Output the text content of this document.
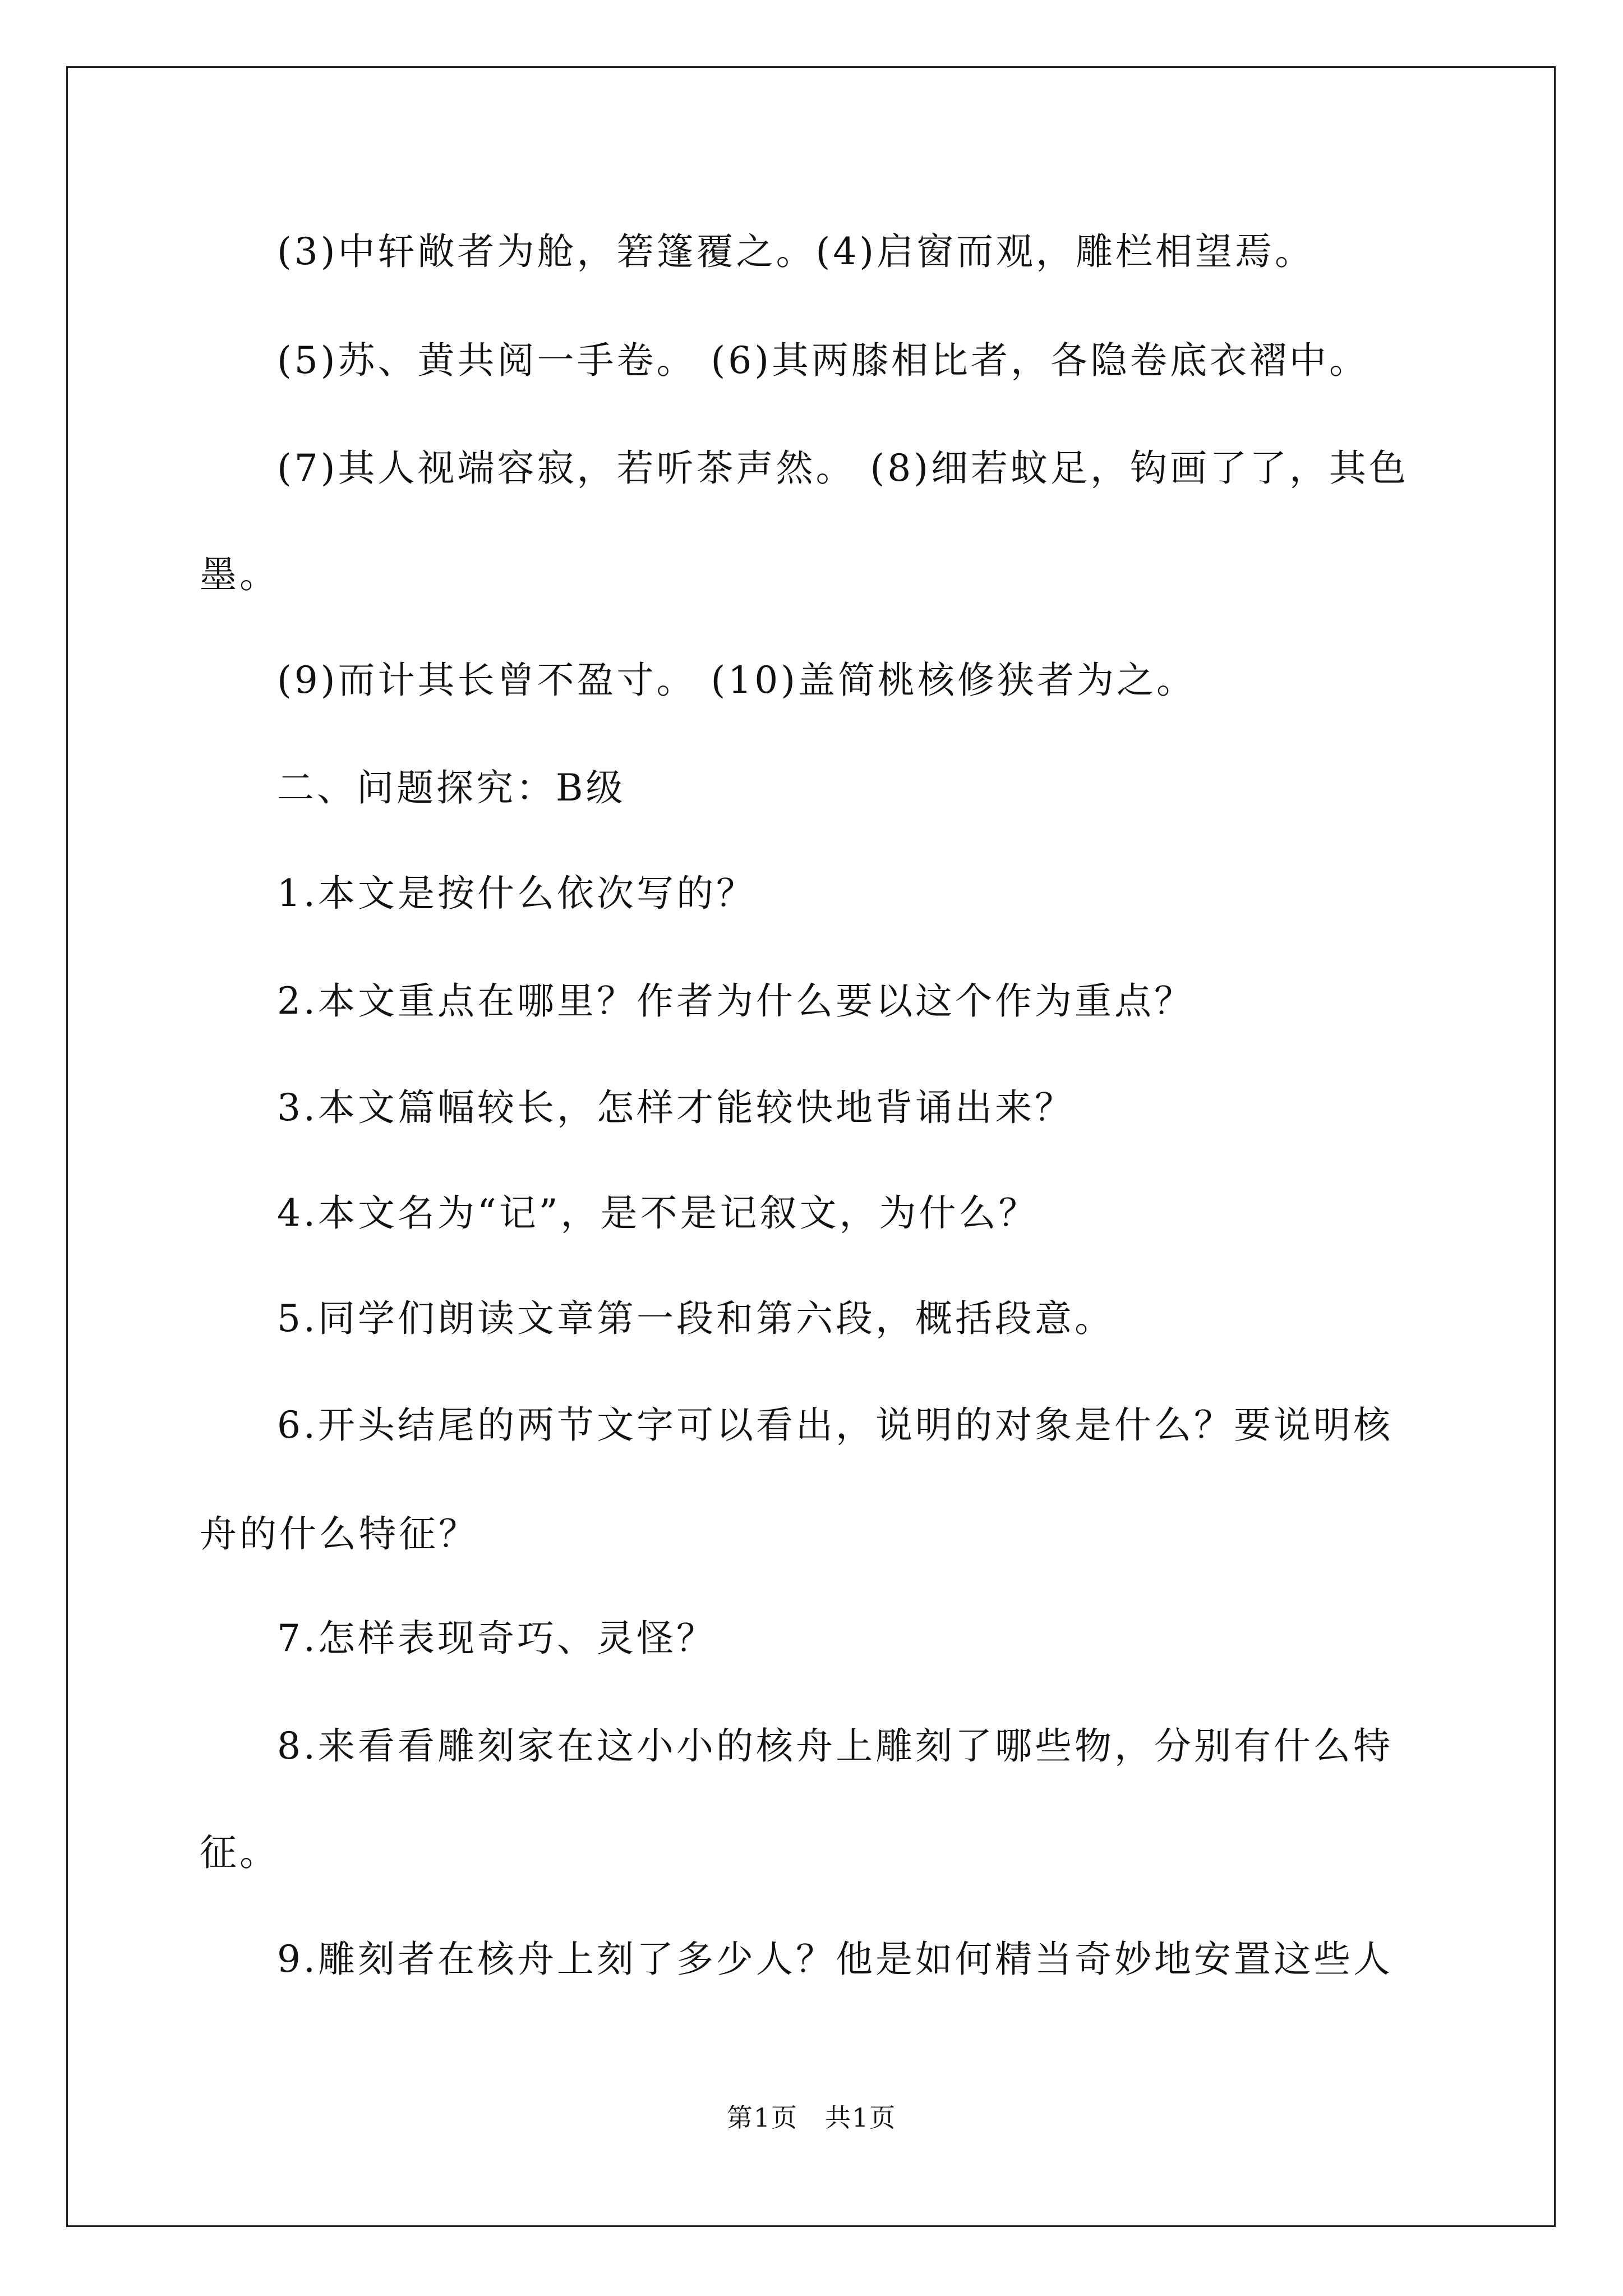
(3)中轩敞者为舱，箬篷覆之。(4)启窗而观，雕栏相望焉。
(5)苏、黄共阅一手卷。 (6)其两膝相比者，各隐卷底衣褶中。
(7)其人视端容寂，若听茶声然。 (8)细若蚊足，钩画了了，其色
墨。
(9)而计其长曾不盈寸。 (10)盖简桃核修狭者为之。
二、问题探究：B级
1.本文是按什么依次写的？
2.本文重点在哪里？作者为什么要以这个作为重点？
3.本文篇幅较长，怎样才能较快地背诵出来？
4.本文名为“记”，是不是记叙文，为什么？
5.同学们朗读文章第一段和第六段，概括段意。
6.开头结尾的两节文字可以看出，说明的对象是什么？要说明核
舟的什么特征？
7.怎样表现奇巧、灵怪？
8.来看看雕刻家在这小小的核舟上雕刻了哪些物，分别有什么特
征。
9.雕刻者在核舟上刻了多少人？他是如何精当奇妙地安置这些人
第1页　共1页
